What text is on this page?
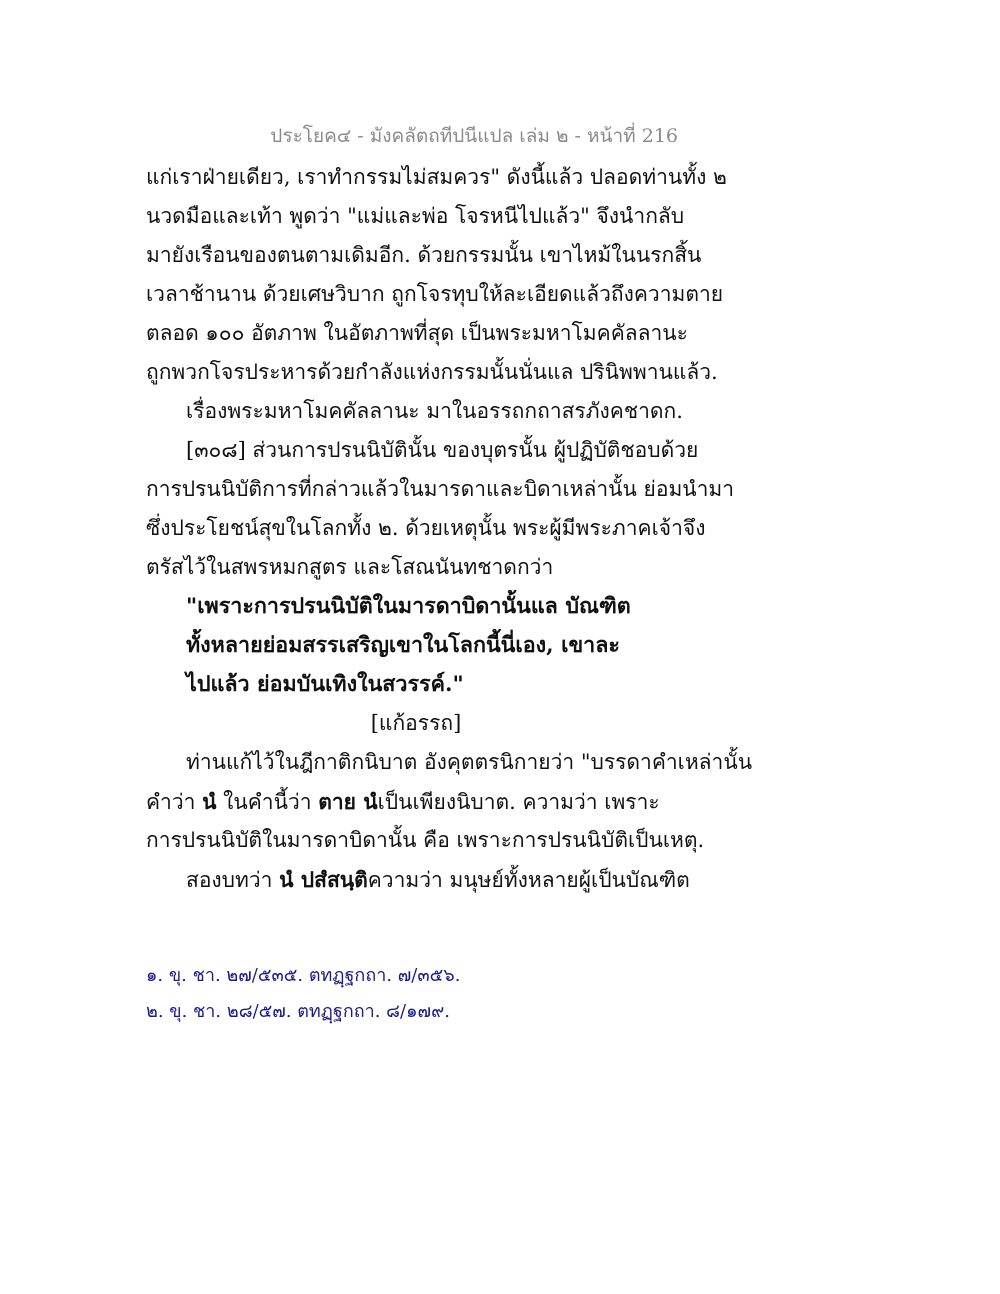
ประโยค๔ - มังคลัตถทีปนีแปล เล่ม ๒ - หน้าที่ 216
แก่เราฝ่ายเดียว, เราทำกรรมไม่สมควร" ดังนี้แล้ว ปลอดท่านทั้ง ๒
นวดมือและเท้า พูดว่า "แม่และพ่อ โจรหนีไปแล้ว" จึงนำกลับ
มายังเรือนของตนตามเดิมอีก. ด้วยกรรมนั้น เขาไหม้ในนรกสิ้น
เวลาช้านาน ด้วยเศษวิบาก ถูกโจรทุบให้ละเอียดแล้วถึงความตาย
ตลอด ๑๐๐ อัตภาพ ในอัตภาพที่สุด เป็นพระมหาโมคคัลลานะ
ถูกพวกโจรประหารด้วยกำลังแห่งกรรมนั้นนั่นแล ปรินิพพานแล้ว.
เรื่องพระมหาโมคคัลลานะ มาในอรรถกถาสรภังคชาดก.
[๓๐๘] ส่วนการปรนนิบัตินั้น ของบุตรนั้น ผู้ปฏิบัติชอบด้วย
การปรนนิบัติการที่กล่าวแล้วในมารดาและบิดาเหล่านั้น ย่อมนำมา
ซึ่งประโยชน์สุขในโลกทั้ง ๒. ด้วยเหตุนั้น พระผู้มีพระภาคเจ้าจึง
ตรัสไว้ในสพรหมกสูตร และโสณนันทชาดกว่า
"เพราะการปรนนิบัติในมารดาบิดานั้นแล บัณฑิต
ทั้งหลายย่อมสรรเสริญเขาในโลกนี้นี่เอง, เขาละ
ไปแล้ว ย่อมบันเทิงในสวรรค์."
[แก้อรรถ]
ท่านแก้ไว้ในฎีกาติกนิบาต อังคุตตรนิกายว่า "บรรดาคำเหล่านั้น
คำว่า นํ ในคำนี้ว่า ตาย นํเป็นเพียงนิบาต. ความว่า เพราะ
การปรนนิบัติในมารดาบิดานั้น คือ เพราะการปรนนิบัติเป็นเหตุ.
สองบทว่า นํ ปสํสนฺติความว่า มนุษย์ทั้งหลายผู้เป็นบัณฑิต
๑. ขุ. ชา. ๒๗/๕๓๕. ตทฏฺฐกถา. ๗/๓๕๖.
๒. ขุ. ชา. ๒๘/๕๗. ตทฏฺฐกถา. ๘/๑๗๙.
